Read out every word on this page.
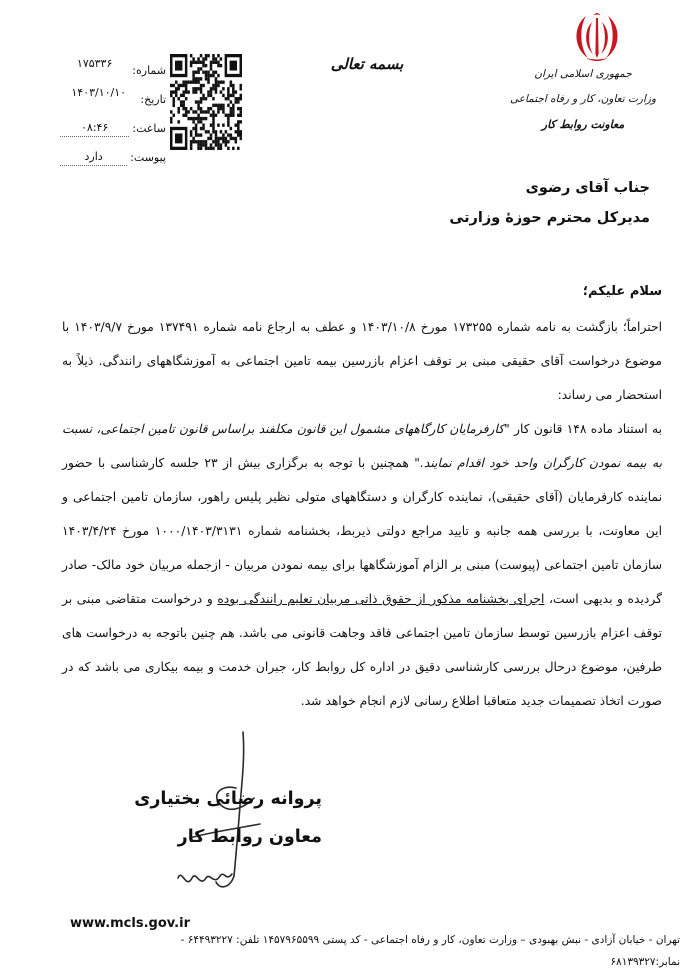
جمهوری اسلامی ایران
وزارت تعاون، کار و رفاه اجتماعی
معاونت روابط کار
بسمه تعالی
شماره:
۱۷۵۳۳۶
تاریخ:
۱۴۰۳/۱۰/۱۰
ساعت:
۰۸:۴۶
پیوست:
دارد
جناب آقای رضوی
مدیرکل محترم حوزهٔ وزارتی
سلام علیکم؛

احتراماً؛ بازگشت به نامه شماره ۱۷۳۲۵۵ مورخ ۱۴۰۳/۱۰/۸ و عطف به ارجاع نامه شماره ۱۳۷۴۹۱ مورخ ۱۴۰۳/۹/۷ با موضوع درخواست آقای حقیقی مبنی بر توقف اعزام بازرسین بیمه تامین اجتماعی به آموزشگاههای رانندگی. ذیلاً به استحضار می رساند:

به استناد ماده ۱۴۸ قانون کار "کارفرمایان کارگاههای مشمول این قانون مکلفند براساس قانون تامین اجتماعی، نسبت به بیمه نمودن کارگران واحد خود اقدام نمایند." همچنین با توجه به برگزاری بیش از ۲۳ جلسه کارشناسی با حضور نماینده کارفرمایان (آقای حقیقی)، نماینده کارگران و دستگاههای متولی نظیر پلیس راهور، سازمان تامین اجتماعی و این معاونت، با بررسی همه جانبه و تایید مراجع دولتی ذیربط، بخشنامه شماره ۱۰۰۰/۱۴۰۳/۳۱۳۱ مورخ ۱۴۰۳/۴/۲۴ سازمان تامین اجتماعی (پیوست) مبنی بر الزام آموزشگاهها برای بیمه نمودن مربیان - ازجمله مربیان خود مالک- صادر گردیده و بدیهی است، اجرای بخشنامه مذکور از حقوق ذاتی مربیان تعلیم رانندگی بوده و درخواست متقاضی مبنی بر توقف اعزام بازرسین توسط سازمان تامین اجتماعی فاقد وجاهت قانونی می باشد. هم چنین باتوجه به درخواست های طرفین، موضوع درحال بررسی کارشناسی دقیق در اداره کل روابط کار، جبران خدمت و بیمه بیکاری می باشد که در صورت اتخاذ تصمیمات جدید متعاقبا اطلاع رسانی لازم انجام خواهد شد.

پروانه رضائی بختیاری
معاون روابط کار
www.mcls.gov.ir
تهران - خیابان آزادی - نبش بهبودی – وزارت تعاون، کار و رفاه اجتماعی - کد پستی ۱۴۵۷۹۶۵۵۹۹ تلفن: ۶۴۴۹۳۲۲۷ -
نمابر:۶۸۱۳۹۳۲۷
